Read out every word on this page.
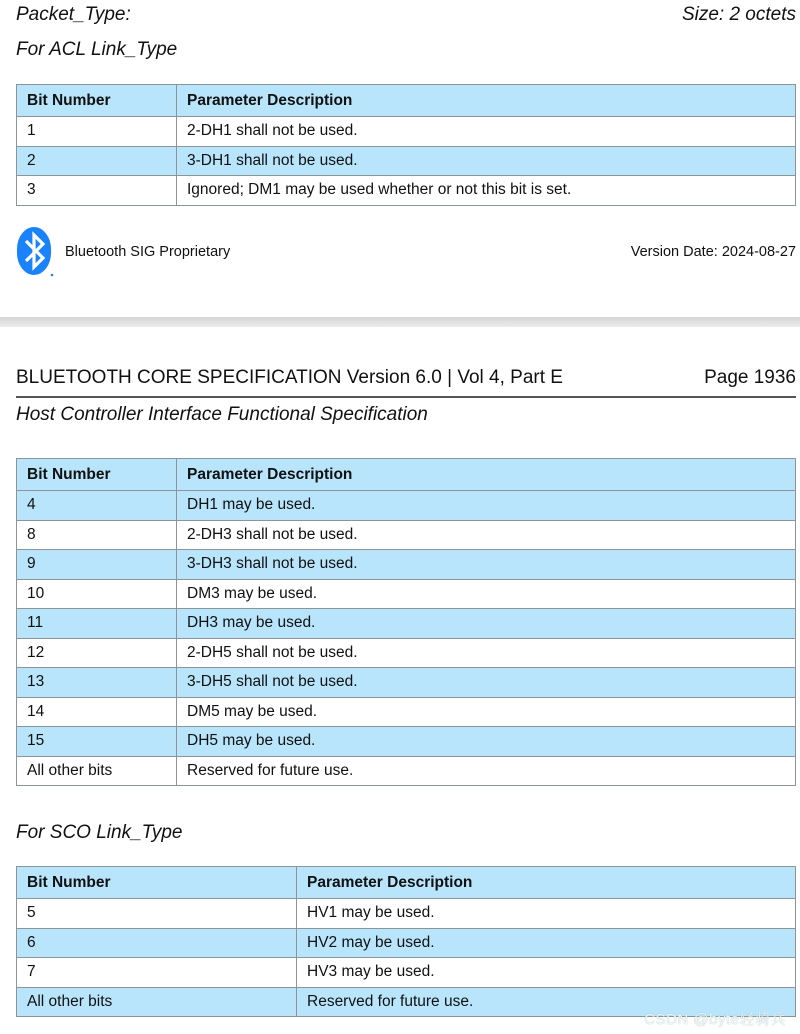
Packet_Type:	Size: 2 octets
For ACL Link_Type
Bit Number	Parameter Description
1	2-DH1 shall not be used.
2	3-DH1 shall not be used.
3	Ignored; DM1 may be used whether or not this bit is set.
Bluetooth SIG Proprietary	Version Date: 2024-08-27
BLUETOOTH CORE SPECIFICATION Version 6.0 | Vol 4, Part E	Page 1936
Host Controller Interface Functional Specification
Bit Number	Parameter Description
4	DH1 may be used.
8	2-DH3 shall not be used.
9	3-DH3 shall not be used.
10	DM3 may be used.
11	DH3 may be used.
12	2-DH5 shall not be used.
13	3-DH5 shall not be used.
14	DM5 may be used.
15	DH5 may be used.
All other bits	Reserved for future use.
For SCO Link_Type
Bit Number	Parameter Description
5	HV1 may be used.
6	HV2 may be used.
7	HV3 may be used.
All other bits	Reserved for future use.
CSDN @byte轻骑兵
